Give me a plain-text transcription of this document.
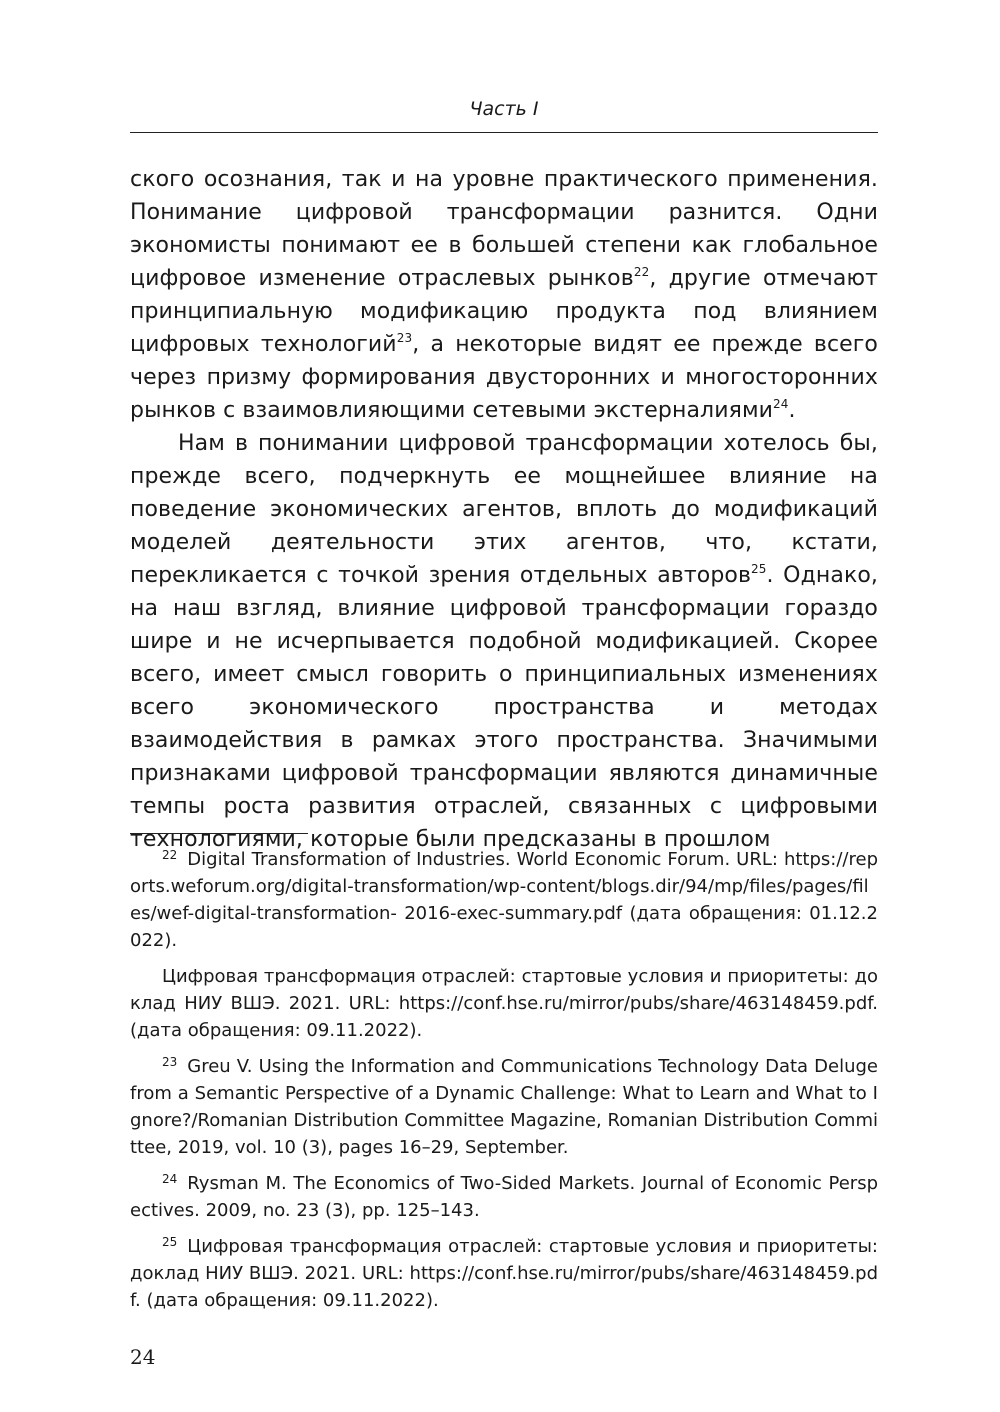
Часть I

ского осознания, так и на уровне практического применения. Понимание цифровой трансформации разнится. Одни экономисты понимают ее в большей степени как глобальное цифровое изменение отраслевых рынков$^{22}$, другие отмечают принципиальную модификацию продукта под влиянием цифровых технологий$^{23}$, а некоторые видят ее прежде всего через призму формирования двусторонних и многосторонних рынков с взаимовлияющими сетевыми экстерналиями$^{24}$.

Нам в понимании цифровой трансформации хотелось бы, прежде всего, подчеркнуть ее мощнейшее влияние на поведение экономических агентов, вплоть до модификаций моделей деятельности этих агентов, что, кстати, перекликается с точкой зрения отдельных авторов$^{25}$. Однако, на наш взгляд, влияние цифровой трансформации гораздо шире и не исчерпывается подобной модификацией. Скорее всего, имеет смысл говорить о принципиальных изменениях всего экономического пространства и методах взаимодействия в рамках этого пространства. Значимыми признаками цифровой трансформации являются динамичные темпы роста развития отраслей, связанных с цифровыми технологиями, которые были предсказаны в прошлом

$^{22}$ Digital Transformation of Industries. World Economic Forum. URL: https://reports.weforum.org/digital-transformation/wp-content/blogs.dir/94/mp/files/pages/files/wef-digital-transformation- 2016-exec-summary.pdf (дата обращения: 01.12.2022).

Цифровая трансформация отраслей: стартовые условия и приоритеты: доклад НИУ ВШЭ. 2021. URL: https://conf.hse.ru/mirror/pubs/share/463148459.pdf. (дата обращения: 09.11.2022).

$^{23}$ Greu V. Using the Information and Communications Technology Data Deluge from a Semantic Perspective of a Dynamic Challenge: What to Learn and What to Ignore?/Romanian Distribution Committee Magazine, Romanian Distribution Committee, 2019, vol. 10 (3), pages 16–29, September.

$^{24}$ Rysman M. The Economics of Two-Sided Markets. Journal of Economic Perspectives. 2009, no. 23 (3), pp. 125–143.

$^{25}$ Цифровая трансформация отраслей: стартовые условия и приоритеты: доклад НИУ ВШЭ. 2021. URL: https://conf.hse.ru/mirror/pubs/share/463148459.pdf. (дата обращения: 09.11.2022).

24
